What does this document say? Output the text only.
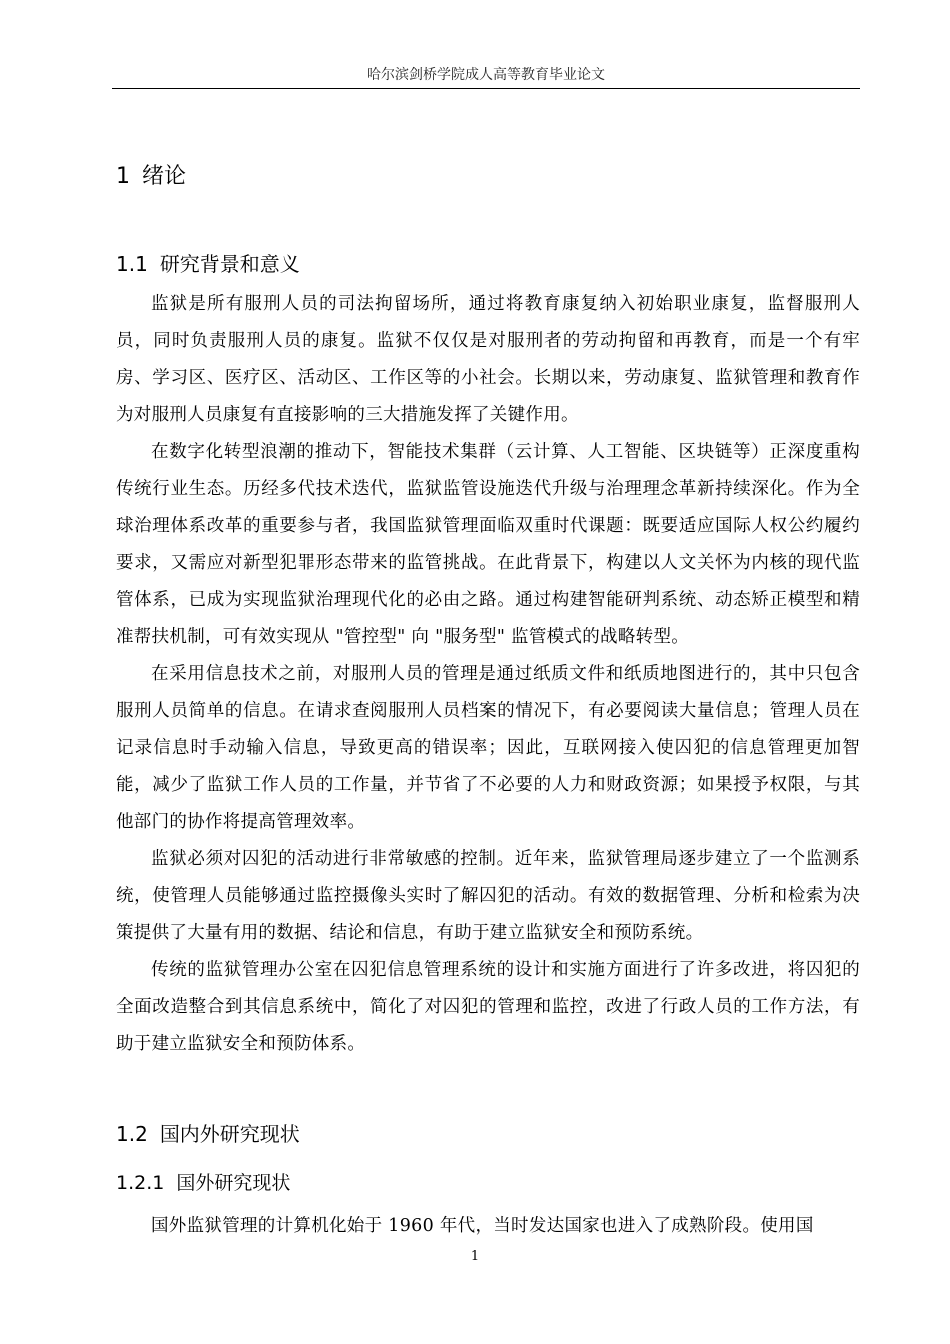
哈尔滨剑桥学院成人高等教育毕业论文
1 绪论
1.1 研究背景和意义

监狱是所有服刑人员的司法拘留场所，通过将教育康复纳入初始职业康复，监督服刑人员，同时负责服刑人员的康复。监狱不仅仅是对服刑者的劳动拘留和再教育，而是一个有牢房、学习区、医疗区、活动区、工作区等的小社会。长期以来，劳动康复、监狱管理和教育作为对服刑人员康复有直接影响的三大措施发挥了关键作用。

在数字化转型浪潮的推动下，智能技术集群（云计算、人工智能、区块链等）正深度重构传统行业生态。历经多代技术迭代，监狱监管设施迭代升级与治理理念革新持续深化。作为全球治理体系改革的重要参与者，我国监狱管理面临双重时代课题：既要适应国际人权公约履约要求，又需应对新型犯罪形态带来的监管挑战。在此背景下，构建以人文关怀为内核的现代监管体系，已成为实现监狱治理现代化的必由之路。通过构建智能研判系统、动态矫正模型和精准帮扶机制，可有效实现从 "管控型" 向 "服务型" 监管模式的战略转型。

在采用信息技术之前，对服刑人员的管理是通过纸质文件和纸质地图进行的，其中只包含服刑人员简单的信息。在请求查阅服刑人员档案的情况下，有必要阅读大量信息；管理人员在记录信息时手动输入信息，导致更高的错误率；因此，互联网接入使囚犯的信息管理更加智能，减少了监狱工作人员的工作量，并节省了不必要的人力和财政资源；如果授予权限，与其他部门的协作将提高管理效率。

监狱必须对囚犯的活动进行非常敏感的控制。近年来，监狱管理局逐步建立了一个监测系统，使管理人员能够通过监控摄像头实时了解囚犯的活动。有效的数据管理、分析和检索为决策提供了大量有用的数据、结论和信息，有助于建立监狱安全和预防系统。

传统的监狱管理办公室在囚犯信息管理系统的设计和实施方面进行了许多改进，将囚犯的全面改造整合到其信息系统中，简化了对囚犯的管理和监控，改进了行政人员的工作方法，有助于建立监狱安全和预防体系。

1.2 国内外研究现状
1.2.1 国外研究现状

国外监狱管理的计算机化始于 1960 年代，当时发达国家也进入了成熟阶段。使用国

1
